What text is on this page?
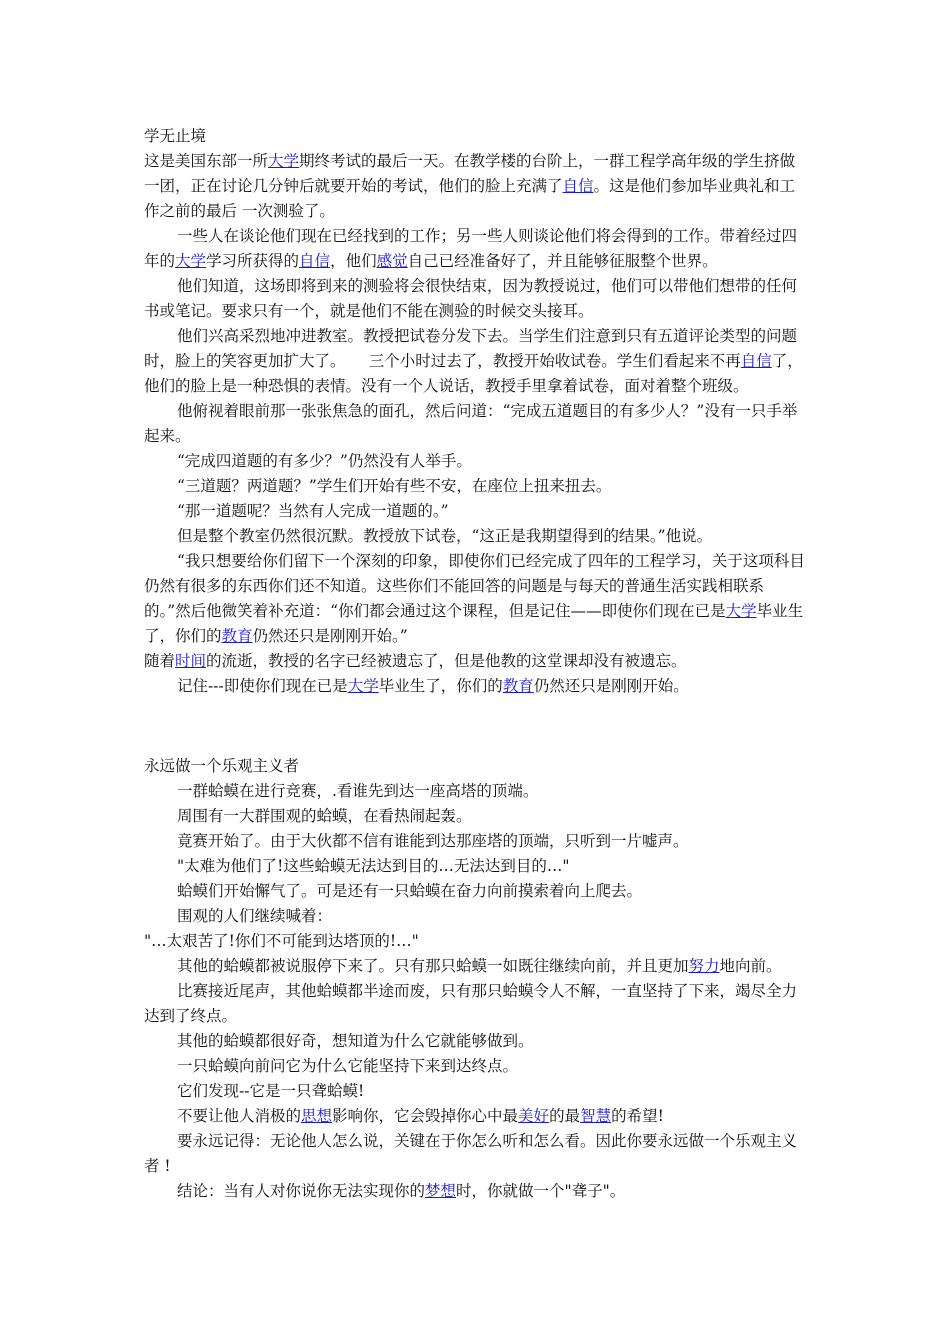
学无止境
这是美国东部一所大学期终考试的最后一天。在教学楼的台阶上，一群工程学高年级的学生挤做一团，正在讨论几分钟后就要开始的考试，他们的脸上充满了自信。这是他们参加毕业典礼和工作之前的最后 一次测验了。
一些人在谈论他们现在已经找到的工作；另一些人则谈论他们将会得到的工作。带着经过四年的大学学习所获得的自信，他们感觉自己已经准备好了，并且能够征服整个世界。
他们知道，这场即将到来的测验将会很快结束，因为教授说过，他们可以带他们想带的任何书或笔记。要求只有一个，就是他们不能在测验的时候交头接耳。
他们兴高采烈地冲进教室。教授把试卷分发下去。当学生们注意到只有五道评论类型的问题时，脸上的笑容更加扩大了。　　三个小时过去了，教授开始收试卷。学生们看起来不再自信了，他们的脸上是一种恐惧的表情。没有一个人说话，教授手里拿着试卷，面对着整个班级。
他俯视着眼前那一张张焦急的面孔，然后问道：“完成五道题目的有多少人？”没有一只手举起来。
“完成四道题的有多少？”仍然没有人举手。
“三道题？两道题？”学生们开始有些不安，在座位上扭来扭去。
“那一道题呢？当然有人完成一道题的。”
但是整个教室仍然很沉默。教授放下试卷，“这正是我期望得到的结果。”他说。
“我只想要给你们留下一个深刻的印象，即使你们已经完成了四年的工程学习，关于这项科目仍然有很多的东西你们还不知道。这些你们不能回答的问题是与每天的普通生活实践相联系的。”然后他微笑着补充道：“你们都会通过这个课程，但是记住——即使你们现在已是大学毕业生了，你们的教育仍然还只是刚刚开始。”
随着时间的流逝，教授的名字已经被遗忘了，但是他教的这堂课却没有被遗忘。
记住---即使你们现在已是大学毕业生了，你们的教育仍然还只是刚刚开始。
永远做一个乐观主义者
一群蛤蟆在进行竞赛，.看谁先到达一座高塔的顶端。
周围有一大群围观的蛤蟆，在看热闹起轰。
竟赛开始了。由于大伙都不信有谁能到达那座塔的顶端，只听到一片嘘声。
"太难为他们了!这些蛤蟆无法达到目的…无法达到目的…"
蛤蟆们开始懈气了。可是还有一只蛤蟆在奋力向前摸索着向上爬去。
围观的人们继续喊着：
"…太艰苦了!你们不可能到达塔顶的!…"
其他的蛤蟆都被说服停下来了。只有那只蛤蟆一如既往继续向前，并且更加努力地向前。
比赛接近尾声，其他蛤蟆都半途而废，只有那只蛤蟆令人不解，一直坚持了下来，竭尽全力达到了终点。
其他的蛤蟆都很好奇，想知道为什么它就能够做到。
一只蛤蟆向前问它为什么它能坚持下来到达终点。
它们发现--它是一只聋蛤蟆!
不要让他人消极的思想影响你，它会毁掉你心中最美好的最智慧的希望!
要永远记得：无论他人怎么说，关键在于你怎么听和怎么看。因此你要永远做一个乐观主义者 !
结论：当有人对你说你无法实现你的梦想时，你就做一个"聋子"。
